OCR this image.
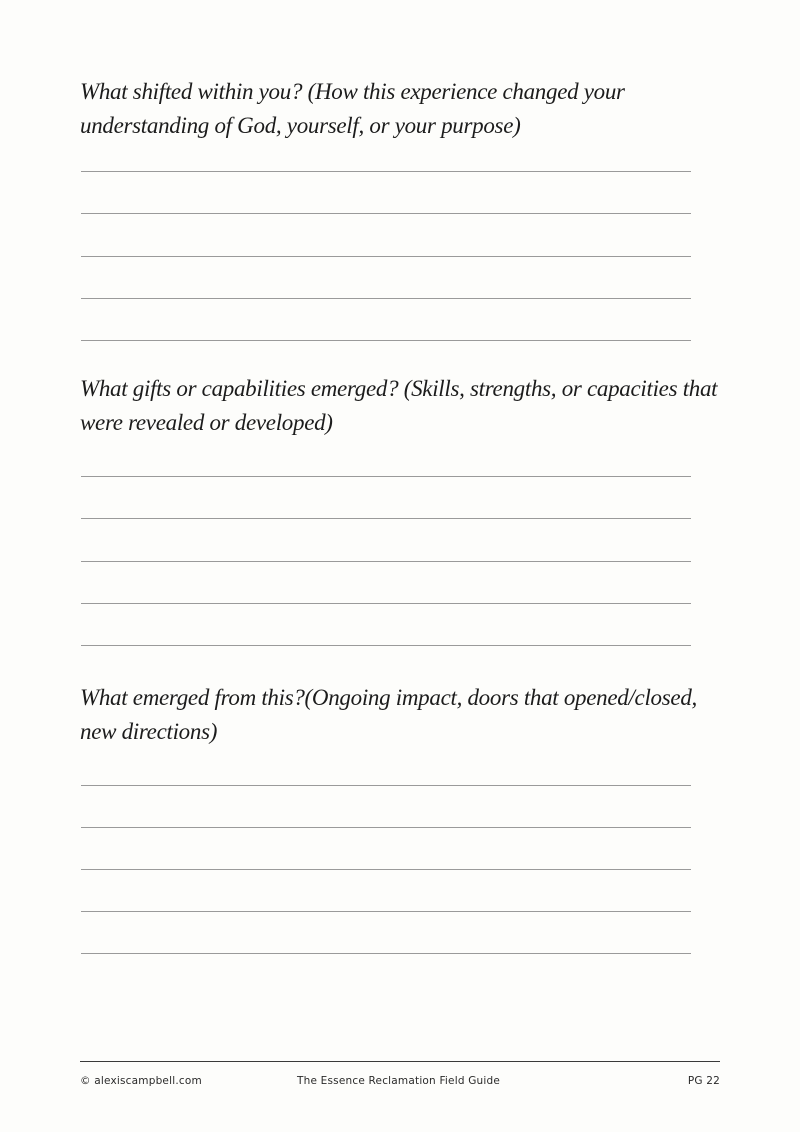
What shifted within you? (How this experience changed your understanding of God, yourself, or your purpose)

What gifts or capabilities emerged? (Skills, strengths, or capacities that were revealed or developed)

What emerged from this?(Ongoing impact, doors that opened/closed, new directions)

© alexiscampbell.com	The Essence Reclamation Field Guide	PG 22
